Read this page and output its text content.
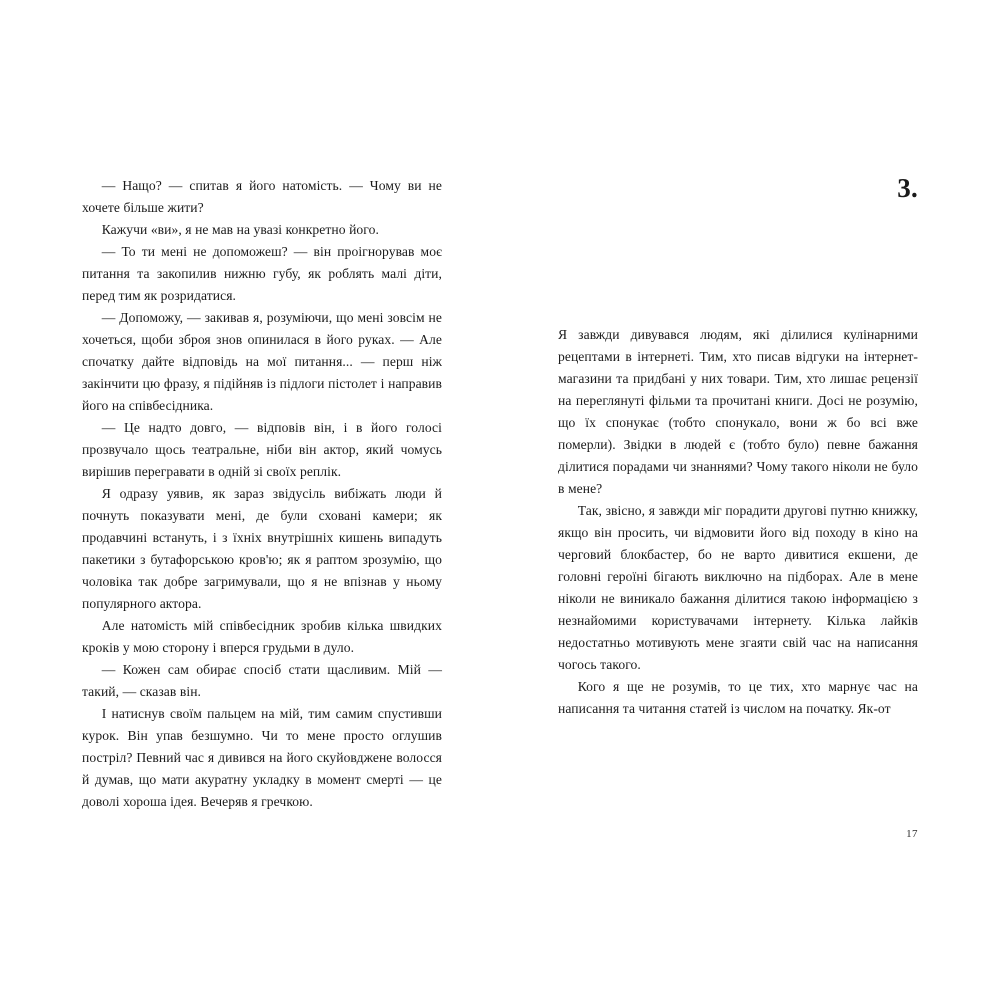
— Нащо? — спитав я його натомість. — Чому ви не хочете більше жити?

Кажучи «ви», я не мав на увазі конкретно його.

— То ти мені не допоможеш? — він проігнорував моє питання та закопилив нижню губу, як роблять малі діти, перед тим як розридатися.

— Допоможу, — закивав я, розуміючи, що мені зовсім не хочеться, щоби зброя знов опинилася в його руках. — Але спочатку дайте відповідь на мої питання... — перш ніж закінчити цю фразу, я підійняв із підлоги пістолет і направив його на співбесідника.

— Це надто довго, — відповів він, і в його голосі прозвучало щось театральне, ніби він актор, який чомусь вирішив перегравати в одній зі своїх реплік.

Я одразу уявив, як зараз звідусіль вибіжать люди й почнуть показувати мені, де були сховані камери; як продавчині встануть, і з їхніх внутрішніх кишень випадуть пакетики з бутафорською кров'ю; як я раптом зрозумію, що чоловіка так добре загримували, що я не впізнав у ньому популярного актора.

Але натомість мій співбесідник зробив кілька швидких кроків у мою сторону і вперся грудьми в дуло.

— Кожен сам обирає спосіб стати щасливим. Мій — такий, — сказав він.

І натиснув своїм пальцем на мій, тим самим спустивши курок. Він упав безшумно. Чи то мене просто оглушив постріл? Певний час я дивився на його скуйовджене волосся й думав, що мати акуратну укладку в момент смерті — це доволі хороша ідея. Вечеряв я гречкою.

3.

Я завжди дивувався людям, які ділилися кулінарними рецептами в інтернеті. Тим, хто писав відгуки на інтернет-магазини та придбані у них товари. Тим, хто лишає рецензії на переглянуті фільми та прочитані книги. Досі не розумію, що їх спонукає (тобто спонукало, вони ж бо всі вже померли). Звідки в людей є (тобто було) певне бажання ділитися порадами чи знаннями? Чому такого ніколи не було в мене?

Так, звісно, я завжди міг порадити другові путню книжку, якщо він просить, чи відмовити його від походу в кіно на черговий блокбастер, бо не варто дивитися екшени, де головні героїні бігають виключно на підборах. Але в мене ніколи не виникало бажання ділитися такою інформацією з незнайомими користувачами інтернету. Кілька лайків недостатньо мотивують мене згаяти свій час на написання чогось такого.

Кого я ще не розумів, то це тих, хто марнує час на написання та читання статей із числом на початку. Як-от

17
